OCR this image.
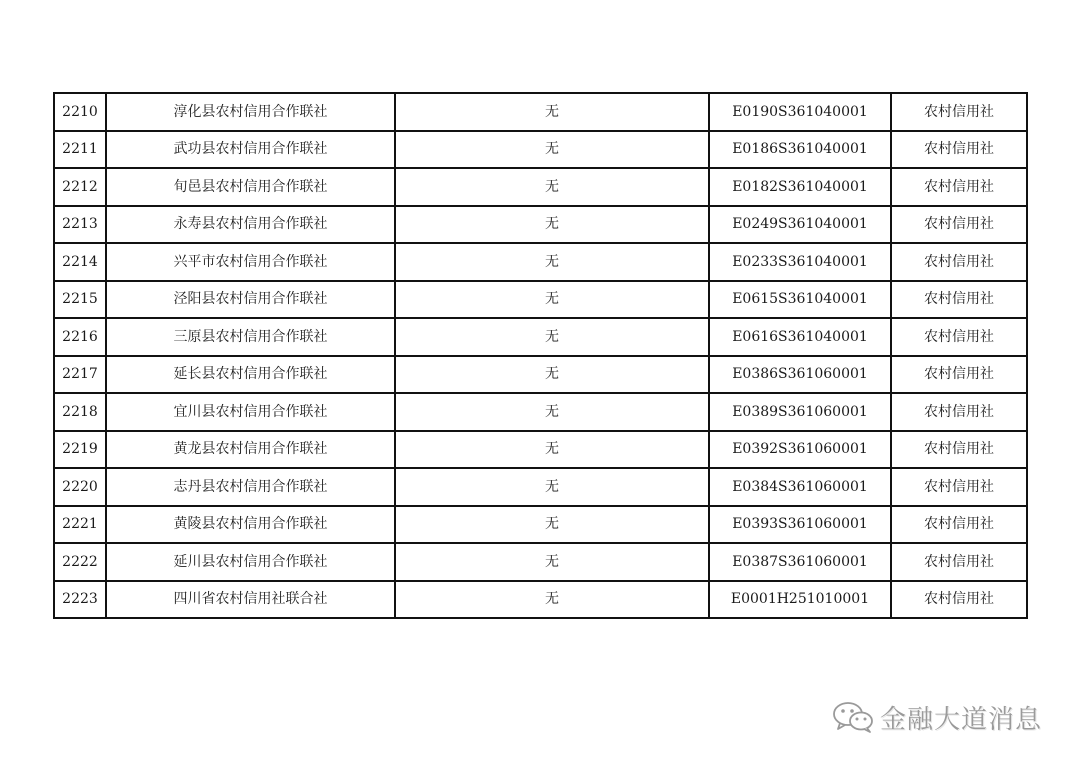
2210	淳化县农村信用合作联社	无	E0190S361040001	农村信用社
2211	武功县农村信用合作联社	无	E0186S361040001	农村信用社
2212	旬邑县农村信用合作联社	无	E0182S361040001	农村信用社
2213	永寿县农村信用合作联社	无	E0249S361040001	农村信用社
2214	兴平市农村信用合作联社	无	E0233S361040001	农村信用社
2215	泾阳县农村信用合作联社	无	E0615S361040001	农村信用社
2216	三原县农村信用合作联社	无	E0616S361040001	农村信用社
2217	延长县农村信用合作联社	无	E0386S361060001	农村信用社
2218	宜川县农村信用合作联社	无	E0389S361060001	农村信用社
2219	黄龙县农村信用合作联社	无	E0392S361060001	农村信用社
2220	志丹县农村信用合作联社	无	E0384S361060001	农村信用社
2221	黄陵县农村信用合作联社	无	E0393S361060001	农村信用社
2222	延川县农村信用合作联社	无	E0387S361060001	农村信用社
2223	四川省农村信用社联合社	无	E0001H251010001	农村信用社
金融大道消息
